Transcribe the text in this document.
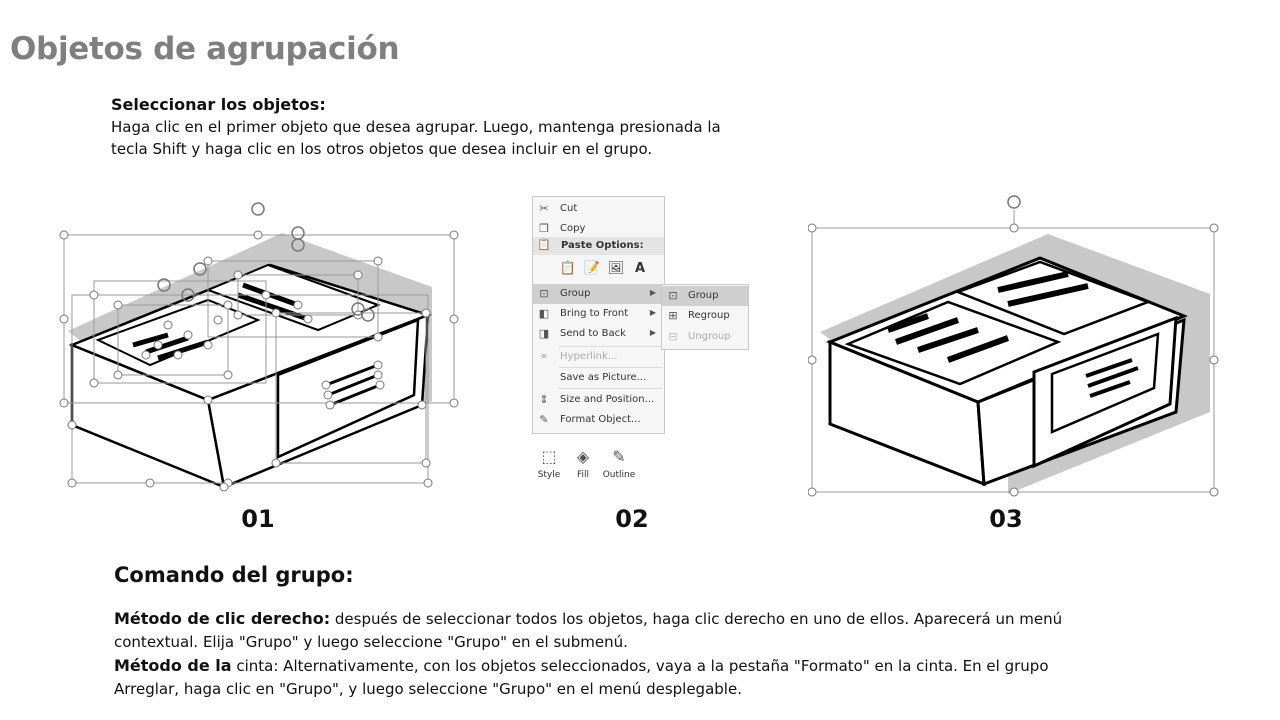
Objetos de agrupación
Seleccionar los objetos:
Haga clic en el primer objeto que desea agrupar. Luego, mantenga presionada la tecla Shift y haga clic en los otros objetos que desea incluir en el grupo.
✂ Cut
❐ Copy
📋 Paste Options:
📋 📝 🖼 A
⊡ Group	▶
◧ Bring to Front	▶
◨ Send to Back	▶
⚭ Hyperlink...
Save as Picture...
⇕ Size and Position...
✎ Format Object...
⊡ Group
⊞ Regroup
⊟ Ungroup
⬚
Style
◈
Fill
✎
Outline
01	02	03
Comando del grupo:
Método de clic derecho: después de seleccionar todos los objetos, haga clic derecho en uno de ellos. Aparecerá un menú contextual. Elija "Grupo" y luego seleccione "Grupo" en el submenú.
Método de la cinta: Alternativamente, con los objetos seleccionados, vaya a la pestaña "Formato" en la cinta. En el grupo Arreglar, haga clic en "Grupo", y luego seleccione "Grupo" en el menú desplegable.
